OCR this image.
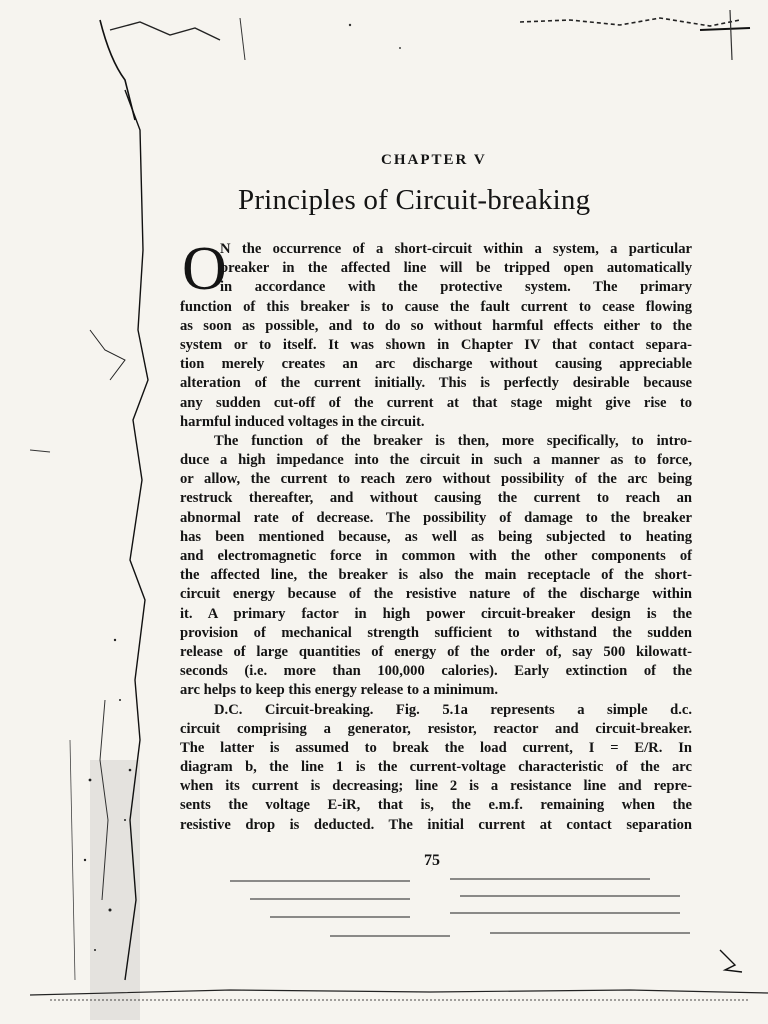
CHAPTER V
Principles of Circuit-breaking
O
N the occurrence of a short-circuit within a system, a particular
breaker in the affected line will be tripped open automatically
in accordance with the protective system. The primary
function of this breaker is to cause the fault current to cease flowing
as soon as possible, and to do so without harmful effects either to the
system or to itself. It was shown in Chapter IV that contact separa-
tion merely creates an arc discharge without causing appreciable
alteration of the current initially. This is perfectly desirable because
any sudden cut-off of the current at that stage might give rise to
harmful induced voltages in the circuit.
The function of the breaker is then, more specifically, to intro-
duce a high impedance into the circuit in such a manner as to force,
or allow, the current to reach zero without possibility of the arc being
restruck thereafter, and without causing the current to reach an
abnormal rate of decrease. The possibility of damage to the breaker
has been mentioned because, as well as being subjected to heating
and electromagnetic force in common with the other components of
the affected line, the breaker is also the main receptacle of the short-
circuit energy because of the resistive nature of the discharge within
it. A primary factor in high power circuit-breaker design is the
provision of mechanical strength sufficient to withstand the sudden
release of large quantities of energy of the order of, say 500 kilowatt-
seconds (i.e. more than 100,000 calories). Early extinction of the
arc helps to keep this energy release to a minimum.
D.C. Circuit-breaking. Fig. 5.1a represents a simple d.c.
circuit comprising a generator, resistor, reactor and circuit-breaker.
The latter is assumed to break the load current, I = E/R. In
diagram b, the line 1 is the current-voltage characteristic of the arc
when its current is decreasing; line 2 is a resistance line and repre-
sents the voltage E-iR, that is, the e.m.f. remaining when the
resistive drop is deducted. The initial current at contact separation
75
